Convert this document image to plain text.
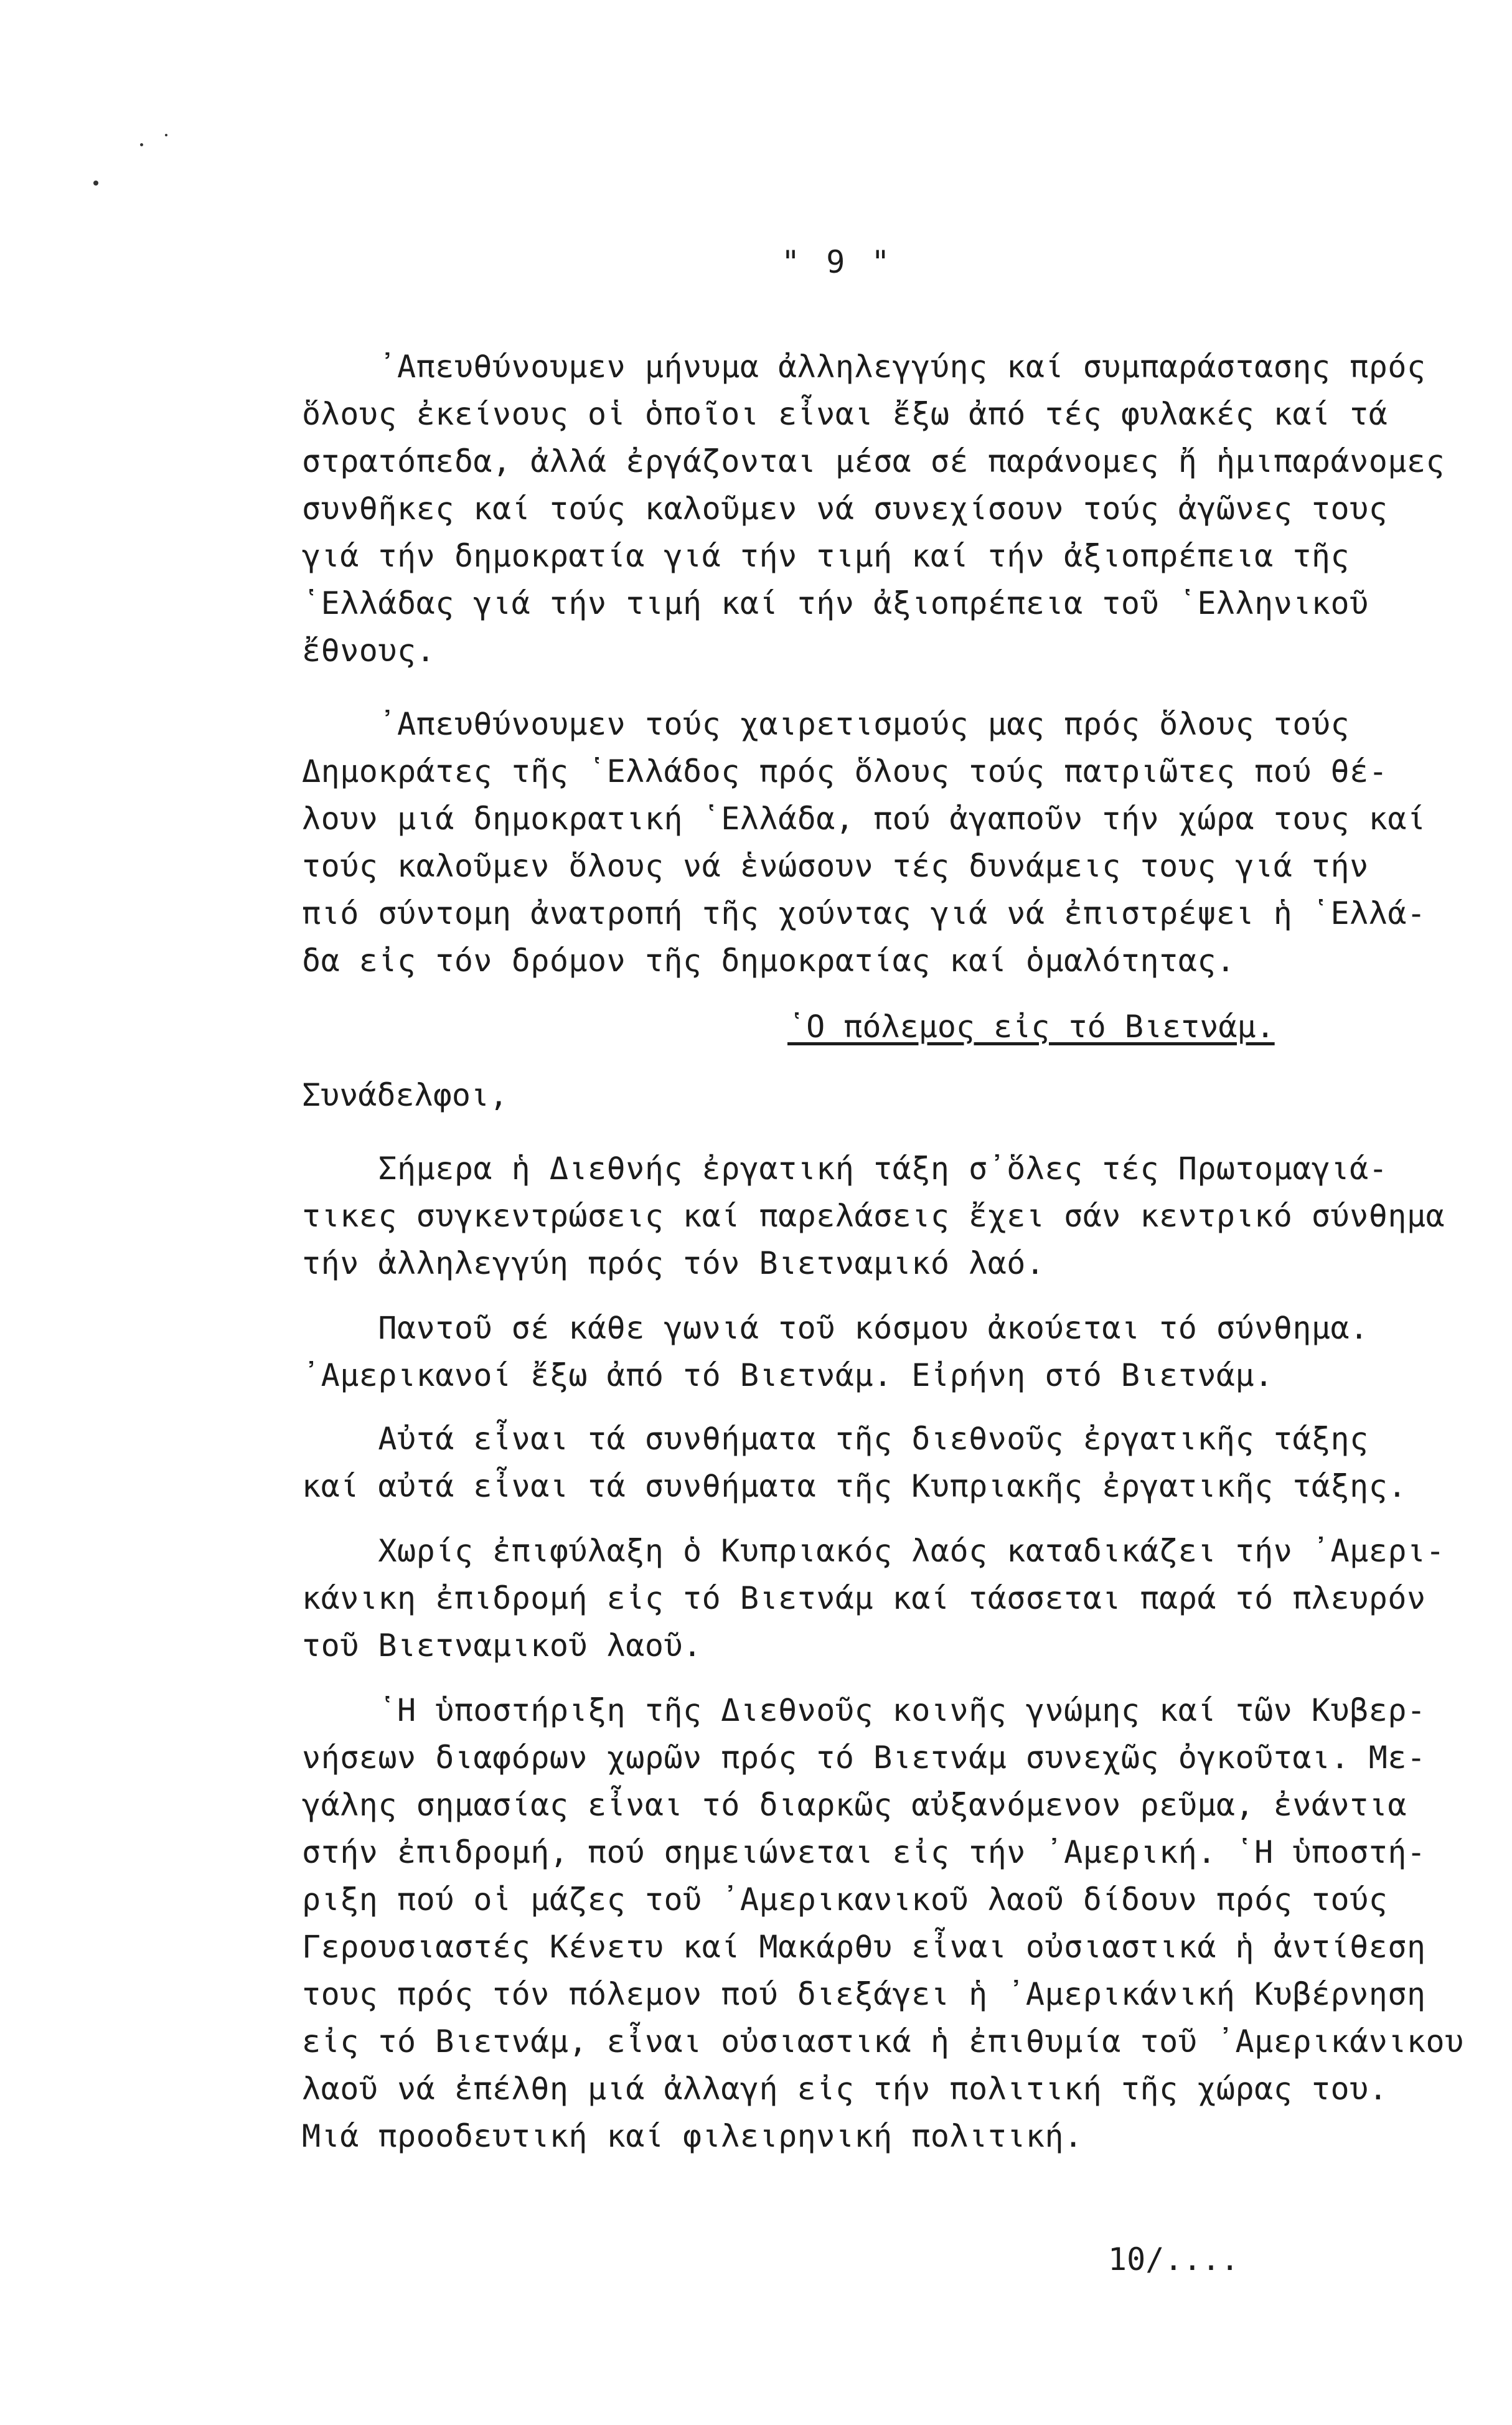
" 9 "
᾿Απευθύνουμεν μήνυμα ἀλληλεγγύης καί συμπαράστασης πρός
ὅλους ἐκείνους οἱ ὁποῖοι εἶναι ἔξω ἀπό τές φυλακές καί τά
στρατόπεδα, ἀλλά ἐργάζονται μέσα σέ παράνομες ἤ ἡμιπαράνομες
συνθῆκες καί τούς καλοῦμεν νά συνεχίσουν τούς ἀγῶνες τους
γιά τήν δημοκρατία γιά τήν τιμή καί τήν ἀξιοπρέπεια τῆς
῾Ελλάδας γιά τήν τιμή καί τήν ἀξιοπρέπεια τοῦ ῾Ελληνικοῦ
ἔθνους.
᾿Απευθύνουμεν τούς χαιρετισμούς μας πρός ὅλους τούς
Δημοκράτες τῆς ῾Ελλάδος πρός ὅλους τούς πατριῶτες πού θέ-
λουν μιά δημοκρατική ῾Ελλάδα, πού ἀγαποῦν τήν χώρα τους καί
τούς καλοῦμεν ὅλους νά ἑνώσουν τές δυνάμεις τους γιά τήν
πιό σύντομη ἀνατροπή τῆς χούντας γιά νά ἐπιστρέψει ἡ ῾Ελλά-
δα εἰς τόν δρόμον τῆς δημοκρατίας καί ὁμαλότητας.
῾Ο πόλεμος εἰς τό Βιετνάμ.
Συνάδελφοι,
Σήμερα ἡ Διεθνής ἐργατική τάξη σ᾿ὅλες τές Πρωτομαγιά-
τικες συγκεντρώσεις καί παρελάσεις ἔχει σάν κεντρικό σύνθημα
τήν ἀλληλεγγύη πρός τόν Βιετναμικό λαό.
Παντοῦ σέ κάθε γωνιά τοῦ κόσμου ἀκούεται τό σύνθημα.
᾿Αμερικανοί ἔξω ἀπό τό Βιετνάμ. Εἰρήνη στό Βιετνάμ.
Αὐτά εἶναι τά συνθήματα τῆς διεθνοῦς ἐργατικῆς τάξης
καί αὐτά εἶναι τά συνθήματα τῆς Κυπριακῆς ἐργατικῆς τάξης.
Χωρίς ἐπιφύλαξη ὁ Κυπριακός λαός καταδικάζει τήν ᾿Αμερι-
κάνικη ἐπιδρομή εἰς τό Βιετνάμ καί τάσσεται παρά τό πλευρόν
τοῦ Βιετναμικοῦ λαοῦ.
῾Η ὑποστήριξη τῆς Διεθνοῦς κοινῆς γνώμης καί τῶν Κυβερ-
νήσεων διαφόρων χωρῶν πρός τό Βιετνάμ συνεχῶς ὀγκοῦται. Με-
γάλης σημασίας εἶναι τό διαρκῶς αὐξανόμενον ρεῦμα, ἐνάντια
στήν ἐπιδρομή, πού σημειώνεται εἰς τήν ᾿Αμερική. ῾Η ὑποστή-
ριξη πού οἱ μάζες τοῦ ᾿Αμερικανικοῦ λαοῦ δίδουν πρός τούς
Γερουσιαστές Κένετυ καί Μακάρθυ εἶναι οὐσιαστικά ἡ ἀντίθεση
τους πρός τόν πόλεμον πού διεξάγει ἡ ᾿Αμερικάνική Κυβέρνηση
εἰς τό Βιετνάμ, εἶναι οὐσιαστικά ἡ ἐπιθυμία τοῦ ᾿Αμερικάνικου
λαοῦ νά ἐπέλθη μιά ἀλλαγή εἰς τήν πολιτική τῆς χώρας του.
Μιά προοδευτική καί φιλειρηνική πολιτική.
10/....
